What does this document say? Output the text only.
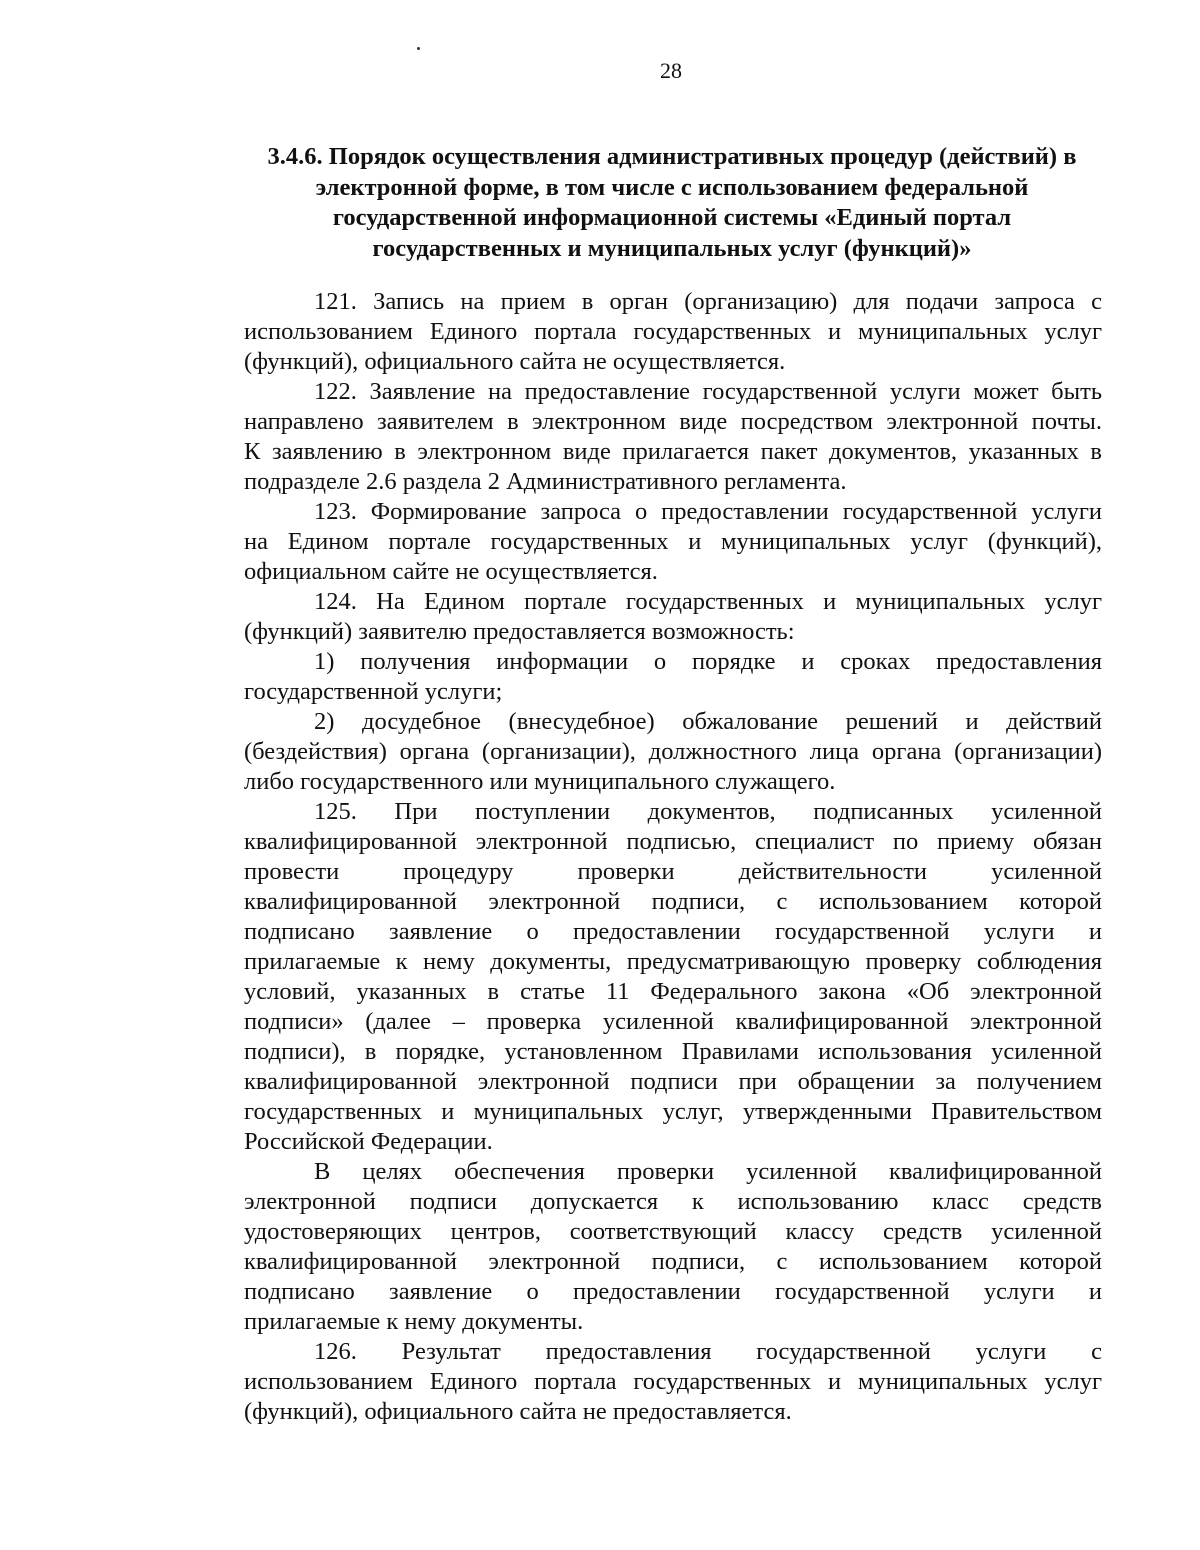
28
3.4.6. Порядок осуществления административных процедур (действий) в
электронной форме, в том числе с использованием федеральной
государственной информационной системы «Единый портал
государственных и муниципальных услуг (функций)»
121. Запись на прием в орган (организацию) для подачи запроса с
использованием Единого портала государственных и муниципальных услуг
(функций), официального сайта не осуществляется.
122. Заявление на предоставление государственной услуги может быть
направлено заявителем в электронном виде посредством электронной почты.
К заявлению в электронном виде прилагается пакет документов, указанных в
подразделе 2.6 раздела 2 Административного регламента.
123. Формирование запроса о предоставлении государственной услуги
на Едином портале государственных и муниципальных услуг (функций),
официальном сайте не осуществляется.
124. На Едином портале государственных и муниципальных услуг
(функций) заявителю предоставляется возможность:
1) получения информации о порядке и сроках предоставления
государственной услуги;
2) досудебное (внесудебное) обжалование решений и действий
(бездействия) органа (организации), должностного лица органа (организации)
либо государственного или муниципального служащего.
125. При поступлении документов, подписанных усиленной
квалифицированной электронной подписью, специалист по приему обязан
провести процедуру проверки действительности усиленной
квалифицированной электронной подписи, с использованием которой
подписано заявление о предоставлении государственной услуги и
прилагаемые к нему документы, предусматривающую проверку соблюдения
условий, указанных в статье 11 Федерального закона «Об электронной
подписи» (далее – проверка усиленной квалифицированной электронной
подписи), в порядке, установленном Правилами использования усиленной
квалифицированной электронной подписи при обращении за получением
государственных и муниципальных услуг, утвержденными Правительством
Российской Федерации.
В целях обеспечения проверки усиленной квалифицированной
электронной подписи допускается к использованию класс средств
удостоверяющих центров, соответствующий классу средств усиленной
квалифицированной электронной подписи, с использованием которой
подписано заявление о предоставлении государственной услуги и
прилагаемые к нему документы.
126. Результат предоставления государственной услуги с
использованием Единого портала государственных и муниципальных услуг
(функций), официального сайта не предоставляется.
